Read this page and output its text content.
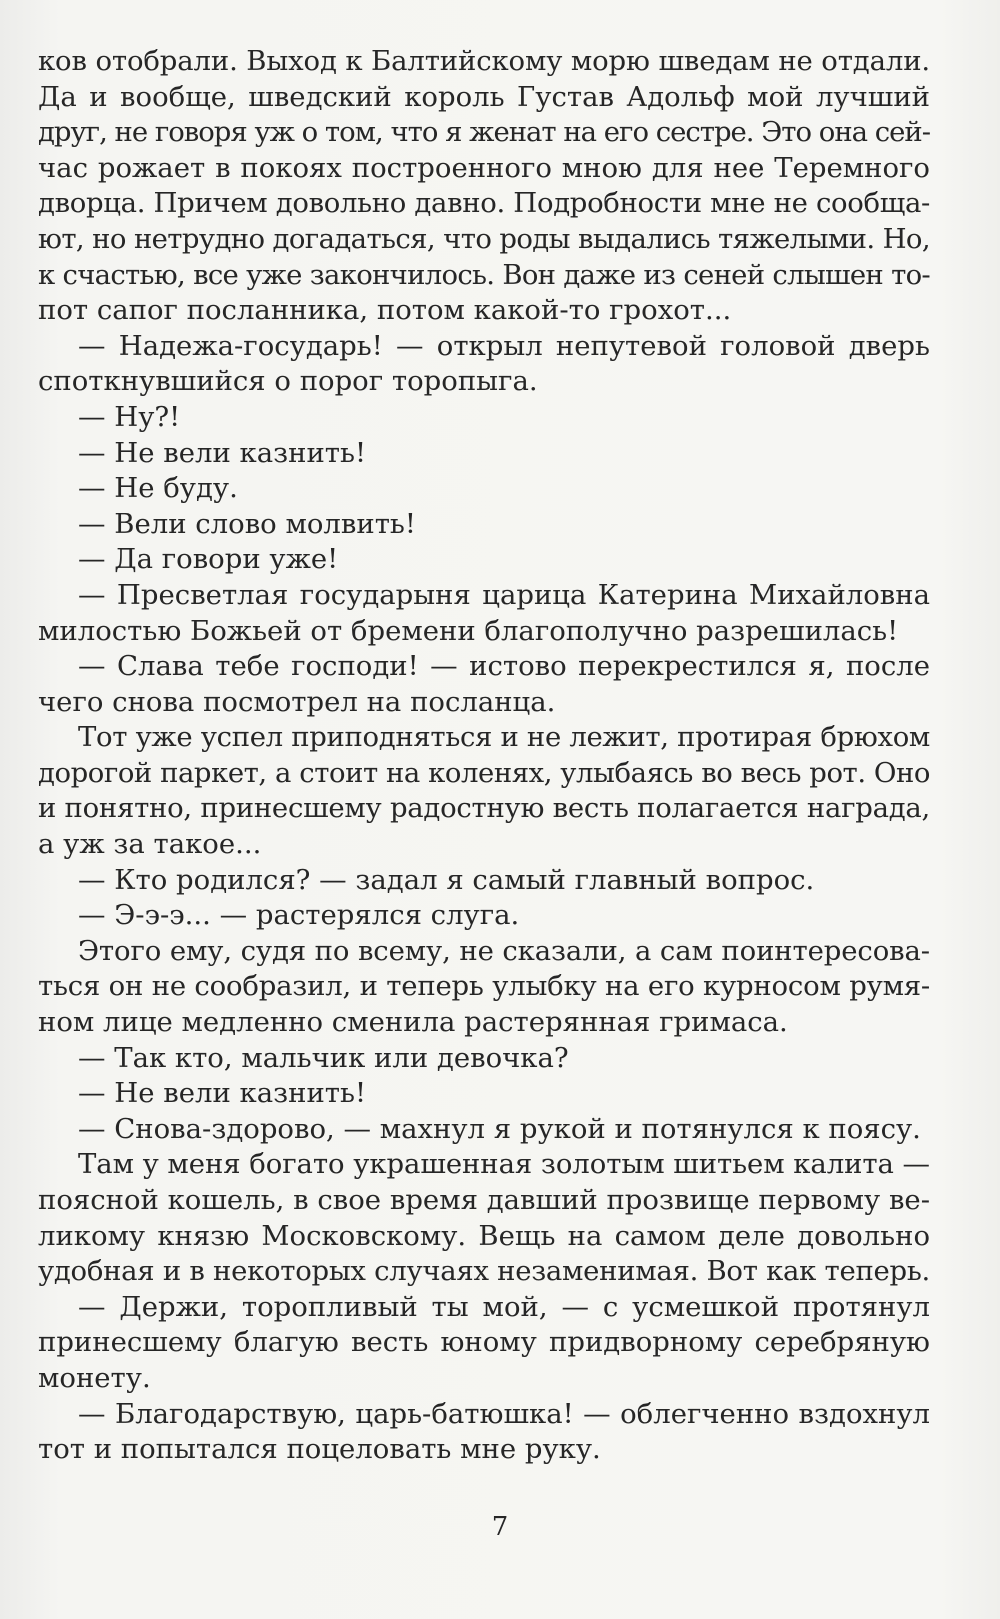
ков отобрали. Выход к Балтийскому морю шведам не отдали.
Да и вообще, шведский король Густав Адольф мой лучший
друг, не говоря уж о том, что я женат на его сестре. Это она сей-
час рожает в покоях построенного мною для нее Теремного
дворца. Причем довольно давно. Подробности мне не сообща-
ют, но нетрудно догадаться, что роды выдались тяжелыми. Но,
к счастью, все уже закончилось. Вон даже из сеней слышен то-
пот сапог посланника, потом какой-то грохот...
— Надежа-государь! — открыл непутевой головой дверь
споткнувшийся о порог торопыга.
— Ну?!
— Не вели казнить!
— Не буду.
— Вели слово молвить!
— Да говори уже!
— Пресветлая государыня царица Катерина Михайловна
милостью Божьей от бремени благополучно разрешилась!
— Слава тебе господи! — истово перекрестился я, после
чего снова посмотрел на посланца.
Тот уже успел приподняться и не лежит, протирая брюхом
дорогой паркет, а стоит на коленях, улыбаясь во весь рот. Оно
и понятно, принесшему радостную весть полагается награда,
а уж за такое...
— Кто родился? — задал я самый главный вопрос.
— Э-э-э... — растерялся слуга.
Этого ему, судя по всему, не сказали, а сам поинтересова-
ться он не сообразил, и теперь улыбку на его курносом румя-
ном лице медленно сменила растерянная гримаса.
— Так кто, мальчик или девочка?
— Не вели казнить!
— Снова-здорово, — махнул я рукой и потянулся к поясу.
Там у меня богато украшенная золотым шитьем калита —
поясной кошель, в свое время давший прозвище первому ве-
ликому князю Московскому. Вещь на самом деле довольно
удобная и в некоторых случаях незаменимая. Вот как теперь.
— Держи, торопливый ты мой, — с усмешкой протянул
принесшему благую весть юному придворному серебряную
монету.
— Благодарствую, царь-батюшка! — облегченно вздохнул
тот и попытался поцеловать мне руку.
7
